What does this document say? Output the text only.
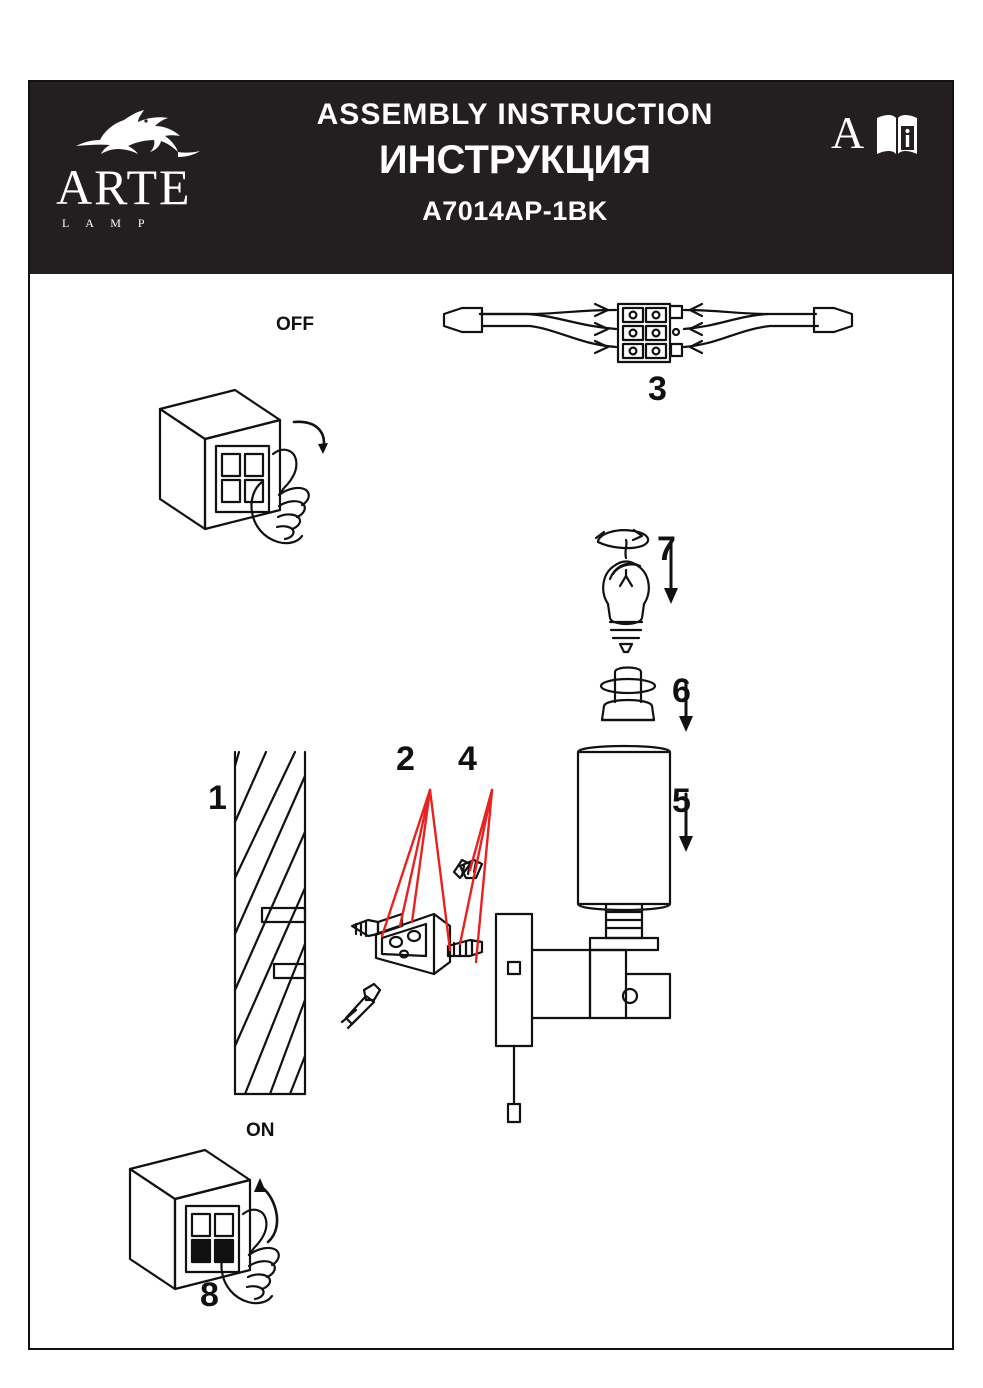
ARTE
L A M P
ASSEMBLY INSTRUCTION
ИНСТРУКЦИЯ
A7014AP-1BK
A
1
3
7
6
5
2 4
8
OFF
ON
